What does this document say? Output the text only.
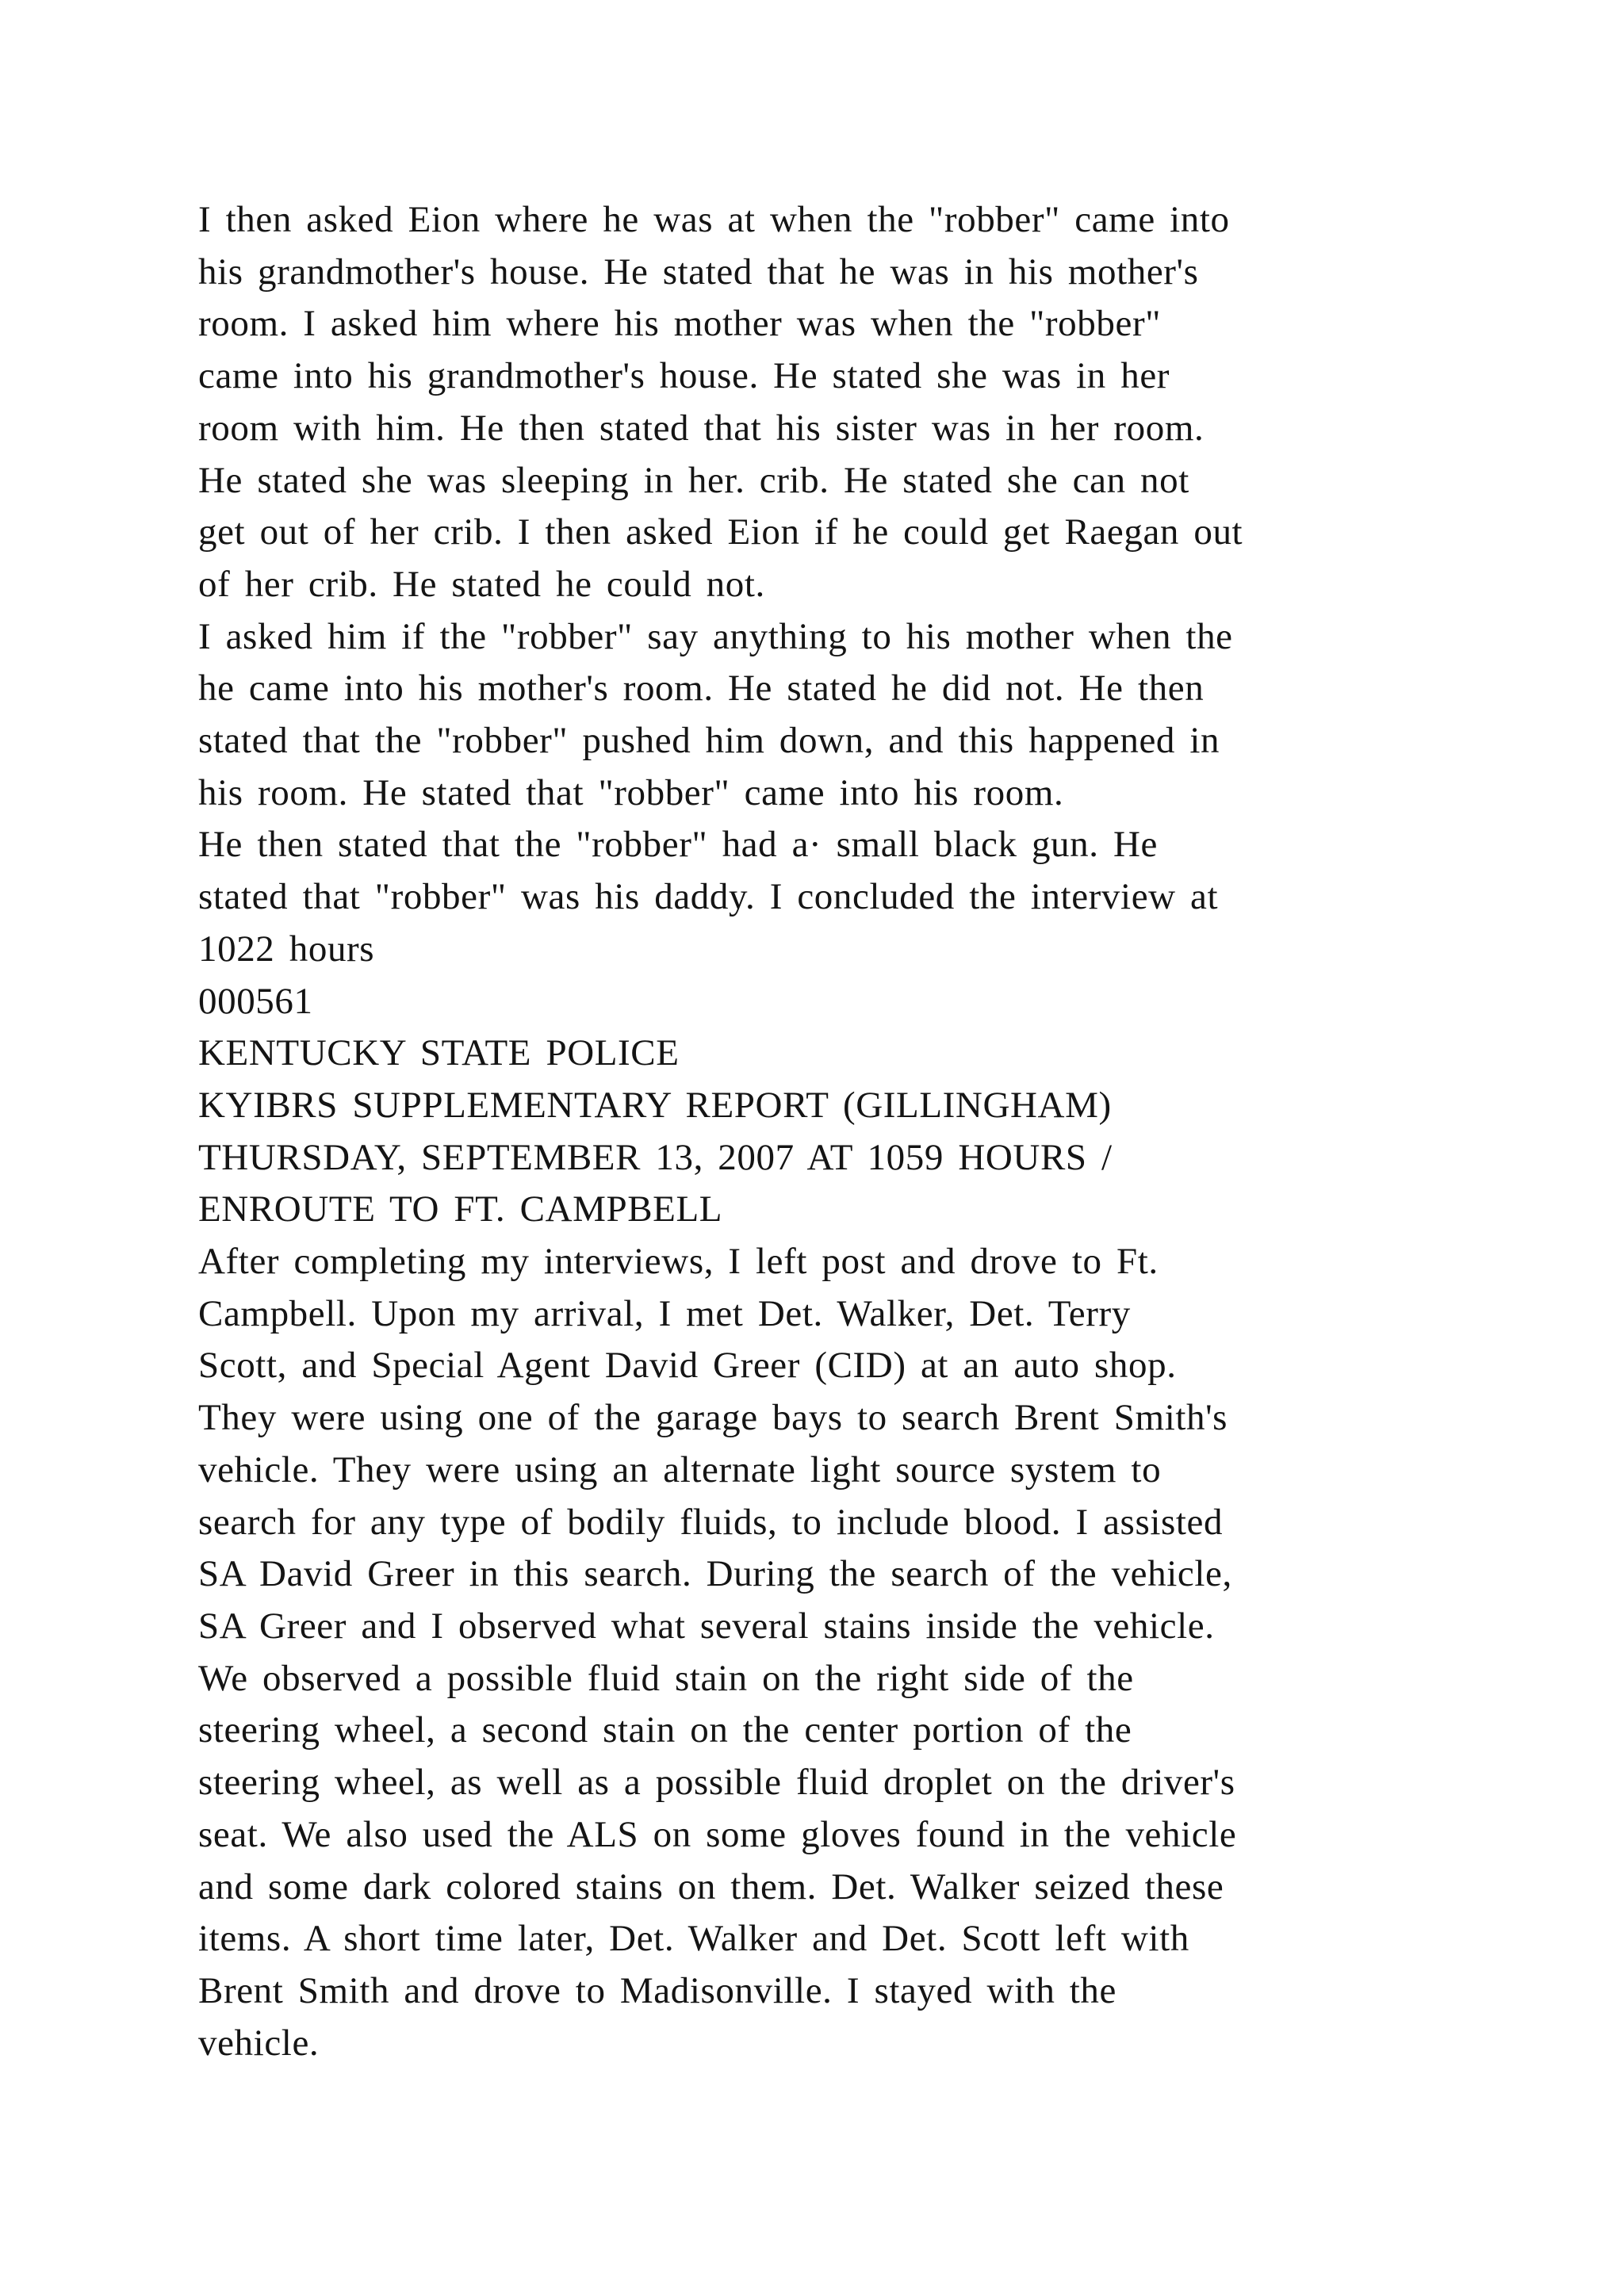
I then asked Eion where he was at when the "robber" came into
his grandmother's house. He stated that he was in his mother's
room. I asked him where his mother was when the "robber"
came into his grandmother's house. He stated she was in her
room with him. He then stated that his sister was in her room.
He stated she was sleeping in her. crib. He stated she can not
get out of her crib. I then asked Eion if he could get Raegan out
of her crib. He stated he could not.
I asked him if the "robber" say anything to his mother when the
he came into his mother's room. He stated he did not. He then
stated that the "robber" pushed him down, and this happened in
his room. He stated that "robber" came into his room.
He then stated that the "robber" had a· small black gun. He
stated that "robber" was his daddy. I concluded the interview at
1022 hours
000561
KENTUCKY STATE POLICE
KYIBRS SUPPLEMENTARY REPORT (GILLINGHAM)
THURSDAY, SEPTEMBER 13, 2007 AT 1059 HOURS /
ENROUTE TO FT. CAMPBELL
After completing my interviews, I left post and drove to Ft.
Campbell. Upon my arrival, I met Det. Walker, Det. Terry
Scott, and Special Agent David Greer (CID) at an auto shop.
They were using one of the garage bays to search Brent Smith's
vehicle. They were using an alternate light source system to
search for any type of bodily fluids, to include blood. I assisted
SA David Greer in this search. During the search of the vehicle,
SA Greer and I observed what several stains inside the vehicle.
We observed a possible fluid stain on the right side of the
steering wheel, a second stain on the center portion of the
steering wheel, as well as a possible fluid droplet on the driver's
seat. We also used the ALS on some gloves found in the vehicle
and some dark colored stains on them. Det. Walker seized these
items. A short time later, Det. Walker and Det. Scott left with
Brent Smith and drove to Madisonville. I stayed with the
vehicle.
